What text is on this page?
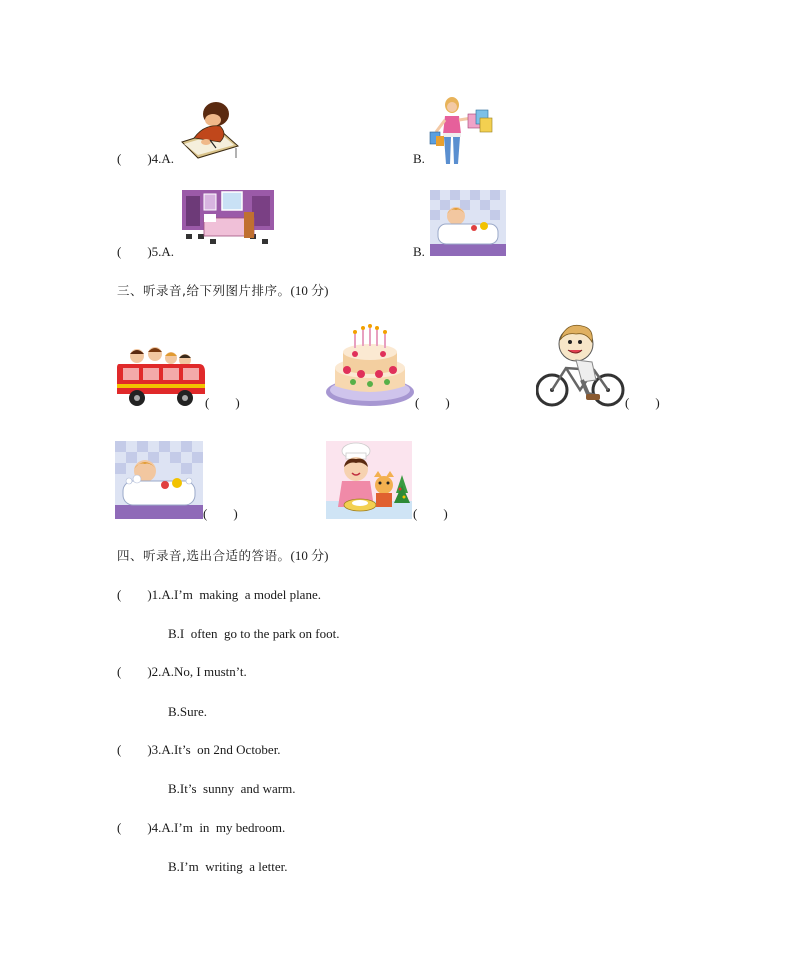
(        )4.A.	B.
(        )5.A.	B.
三、听录音,给下列图片排序。(10 分)
(        )	(        )	(        )
(        )	(        )
四、听录音,选出合适的答语。(10 分)
(        )1.A.I’m  making  a model plane.
B.I  often  go to the park on foot.
(        )2.A.No, I mustn’t.
B.Sure.
(        )3.A.It’s  on 2nd October.
B.It’s  sunny  and warm.
(        )4.A.I’m  in  my bedroom.
B.I’m  writing  a letter.
